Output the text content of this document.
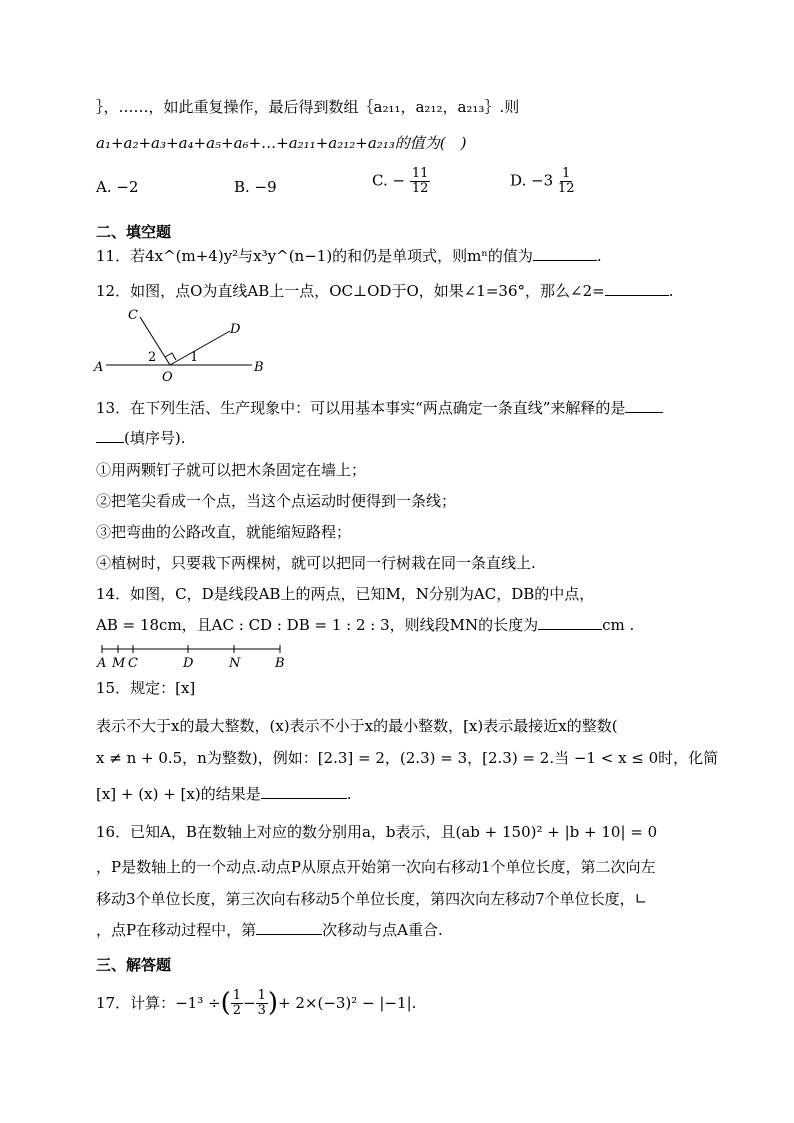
｝，……，如此重复操作，最后得到数组｛a₂₁₁，a₂₁₂，a₂₁₃｝.则
a₁+a₂+a₃+a₄+a₅+a₆+…+a₂₁₁+a₂₁₂+a₂₁₃的值为(　)
A. −2	B. −9	C. − $\frac{11}{12}$	D. $-3 \frac{1}{12}$
二、填空题
11．若4x^(m+4)y²与x³y^(n−1)的和仍是单项式，则mⁿ的值为	.
12．如图，点O为直线AB上一点，OC⊥OD于O，如果∠1=36°，那么∠2=	.
A	B
C
D
O
2	1
13．在下列生活、生产现象中：可以用基本事实“两点确定一条直线”来解释的是
(填序号).
①用两颗钉子就可以把木条固定在墙上；
②把笔尖看成一个点，当这个点运动时便得到一条线；
③把弯曲的公路改直，就能缩短路程；
④植树时，只要栽下两棵树，就可以把同一行树栽在同一条直线上.
14．如图，C，D是线段AB上的两点，已知M，N分别为AC，DB的中点，
AB = 18cm，且AC : CD : DB = 1 : 2 : 3，则线段MN的长度为	cm .
A M C	D	N	B
15．规定：[x]
表示不大于x的最大整数，(x)表示不小于x的最小整数，[x)表示最接近x的整数(
x ≠ n + 0.5，n为整数)，例如：[2.3] = 2，(2.3) = 3，[2.3) = 2.当 −1 < x ≤ 0时，化简
[x] + (x) + [x)的结果是	.
16．已知A，B在数轴上对应的数分别用a，b表示，且(ab + 150)² + |b + 10| = 0
，P是数轴上的一个动点.动点P从原点开始第一次向右移动1个单位长度，第二次向左
移动3个单位长度，第三次向右移动5个单位长度，第四次向左移动7个单位长度，∟
，点P在移动过程中，第	次移动与点A重合.
三、解答题
17．计算：−1³ ÷ ( $\frac{1}{2} - \frac{1}{3}$ ) + 2×(−3)² − |−1|.
